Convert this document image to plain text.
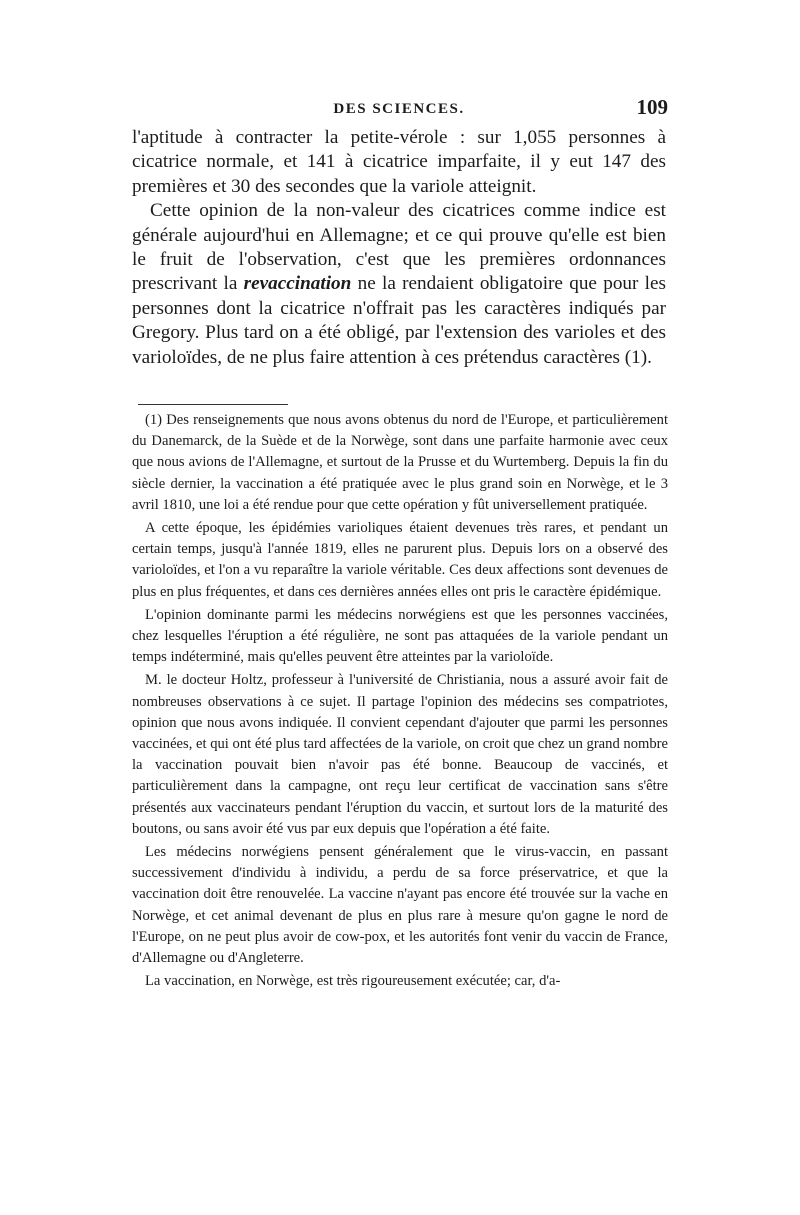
DES SCIENCES.	109

l'aptitude à contracter la petite-vérole : sur 1,055 personnes à cicatrice normale, et 141 à cicatrice imparfaite, il y eut 147 des premières et 30 des secondes que la variole atteignit.

Cette opinion de la non-valeur des cicatrices comme indice est générale aujourd'hui en Allemagne; et ce qui prouve qu'elle est bien le fruit de l'observation, c'est que les premières ordonnances prescrivant la revaccination ne la rendaient obligatoire que pour les personnes dont la cicatrice n'offrait pas les caractères indiqués par Gregory. Plus tard on a été obligé, par l'extension des varioles et des varioloïdes, de ne plus faire attention à ces prétendus caractères (1).

(1) Des renseignements que nous avons obtenus du nord de l'Europe, et particulièrement du Danemarck, de la Suède et de la Norwège, sont dans une parfaite harmonie avec ceux que nous avions de l'Allemagne, et surtout de la Prusse et du Wurtemberg. Depuis la fin du siècle dernier, la vaccination a été pratiquée avec le plus grand soin en Norwège, et le 3 avril 1810, une loi a été rendue pour que cette opération y fût universellement pratiquée.

A cette époque, les épidémies varioliques étaient devenues très rares, et pendant un certain temps, jusqu'à l'année 1819, elles ne parurent plus. Depuis lors on a observé des varioloïdes, et l'on a vu reparaître la variole véritable. Ces deux affections sont devenues de plus en plus fréquentes, et dans ces dernières années elles ont pris le caractère épidémique.

L'opinion dominante parmi les médecins norwégiens est que les personnes vaccinées, chez lesquelles l'éruption a été régulière, ne sont pas attaquées de la variole pendant un temps indéterminé, mais qu'elles peuvent être atteintes par la varioloïde.

M. le docteur Holtz, professeur à l'université de Christiania, nous a assuré avoir fait de nombreuses observations à ce sujet. Il partage l'opinion des médecins ses compatriotes, opinion que nous avons indiquée. Il convient cependant d'ajouter que parmi les personnes vaccinées, et qui ont été plus tard affectées de la variole, on croit que chez un grand nombre la vaccination pouvait bien n'avoir pas été bonne. Beaucoup de vaccinés, et particulièrement dans la campagne, ont reçu leur certificat de vaccination sans s'être présentés aux vaccinateurs pendant l'éruption du vaccin, et surtout lors de la maturité des boutons, ou sans avoir été vus par eux depuis que l'opération a été faite.

Les médecins norwégiens pensent généralement que le virus-vaccin, en passant successivement d'individu à individu, a perdu de sa force préservatrice, et que la vaccination doit être renouvelée. La vaccine n'ayant pas encore été trouvée sur la vache en Norwège, et cet animal devenant de plus en plus rare à mesure qu'on gagne le nord de l'Europe, on ne peut plus avoir de cow-pox, et les autorités font venir du vaccin de France, d'Allemagne ou d'Angleterre.

La vaccination, en Norwège, est très rigoureusement exécutée; car, d'a-
